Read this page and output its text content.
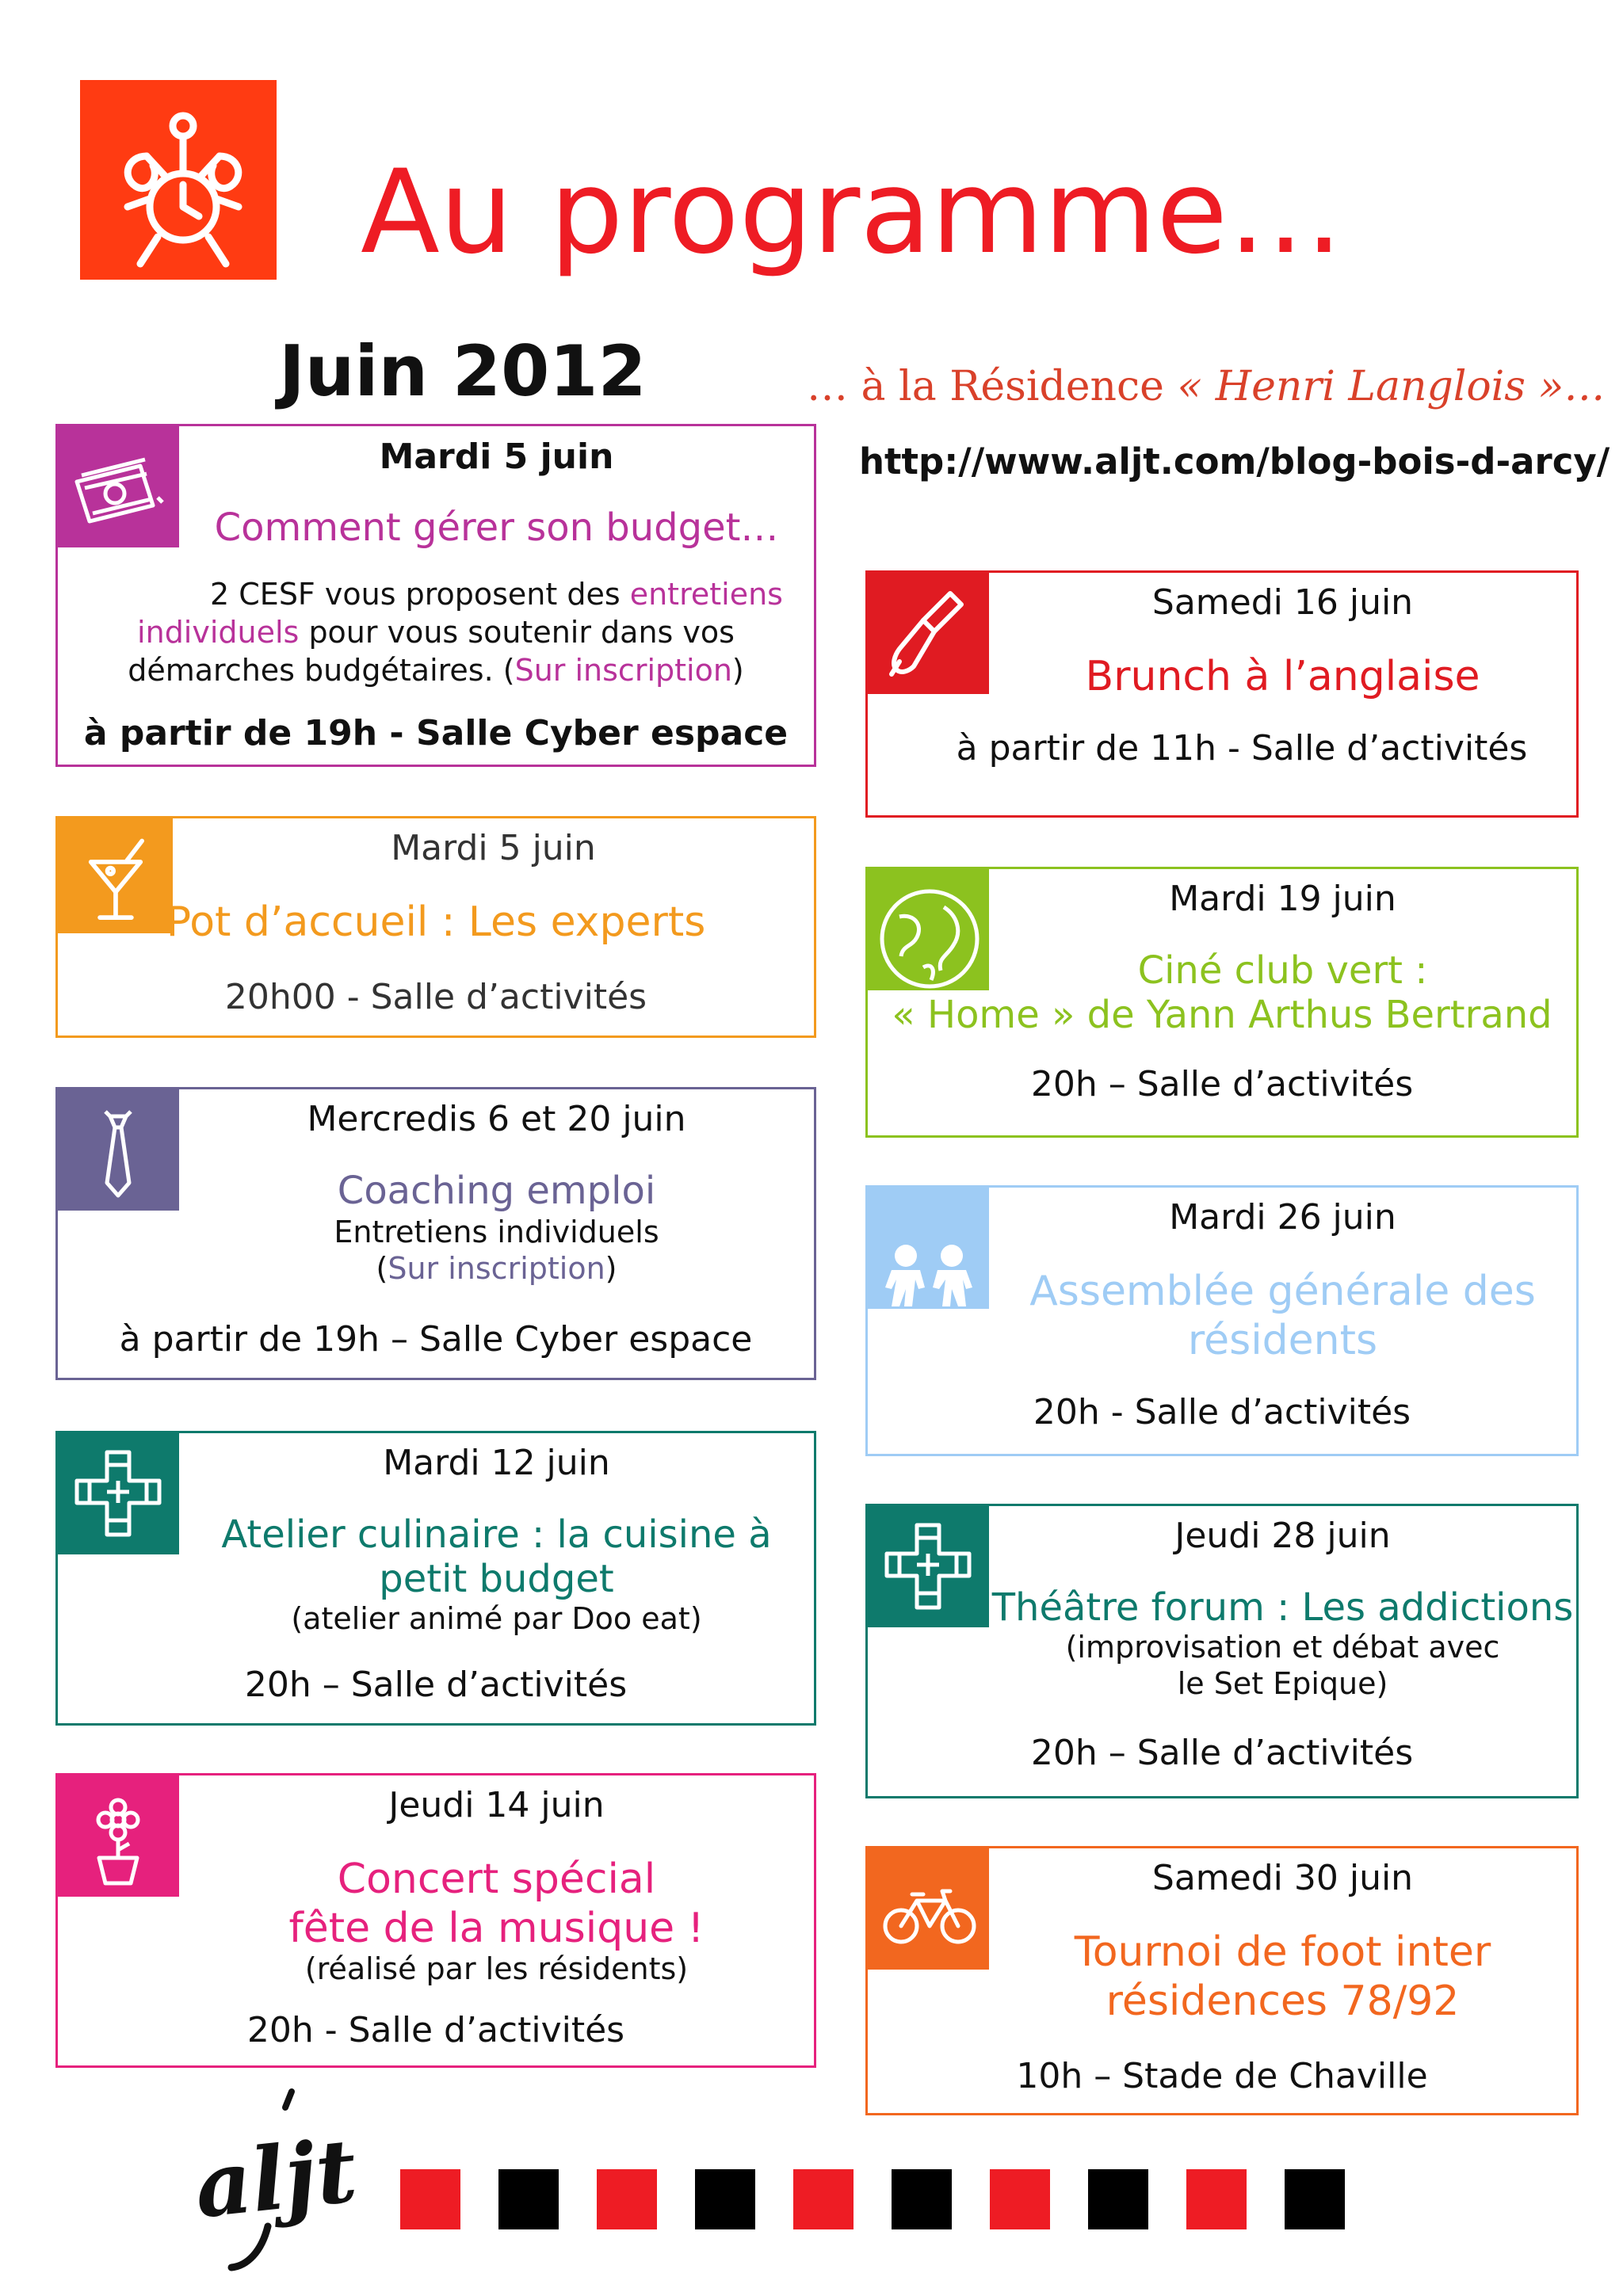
Au programme…
Juin 2012	… à la Résidence « Henri Langlois »…
http://www.aljt.com/blog-bois-d-arcy/
Mardi 5 juin
Comment gérer son budget…
2 CESF vous proposent des entretiens
individuels pour vous soutenir dans vos
démarches budgétaires. (Sur inscription)
à partir de 19h - Salle Cyber espace
Mardi 5 juin
Pot d’accueil : Les experts
20h00 - Salle d’activités
Mercredis 6 et 20 juin
Coaching emploi
Entretiens individuels
(Sur inscription)
à partir de 19h – Salle Cyber espace
Mardi 12 juin
Atelier culinaire : la cuisine à
petit budget
(atelier animé par Doo eat)
20h – Salle d’activités
Jeudi 14 juin
Concert spécial
fête de la musique !
(réalisé par les résidents)
20h - Salle d’activités
Samedi 16 juin
Brunch à l’anglaise
à partir de 11h - Salle d’activités
Mardi 19 juin
Ciné club vert :
« Home » de Yann Arthus Bertrand
20h – Salle d’activités
Mardi 26 juin
Assemblée générale des
résidents
20h - Salle d’activités
Jeudi 28 juin
Théâtre forum : Les addictions
(improvisation et débat avec
le Set Epique)
20h – Salle d’activités
Samedi 30 juin
Tournoi de foot inter
résidences 78/92
10h – Stade de Chaville
aljt
